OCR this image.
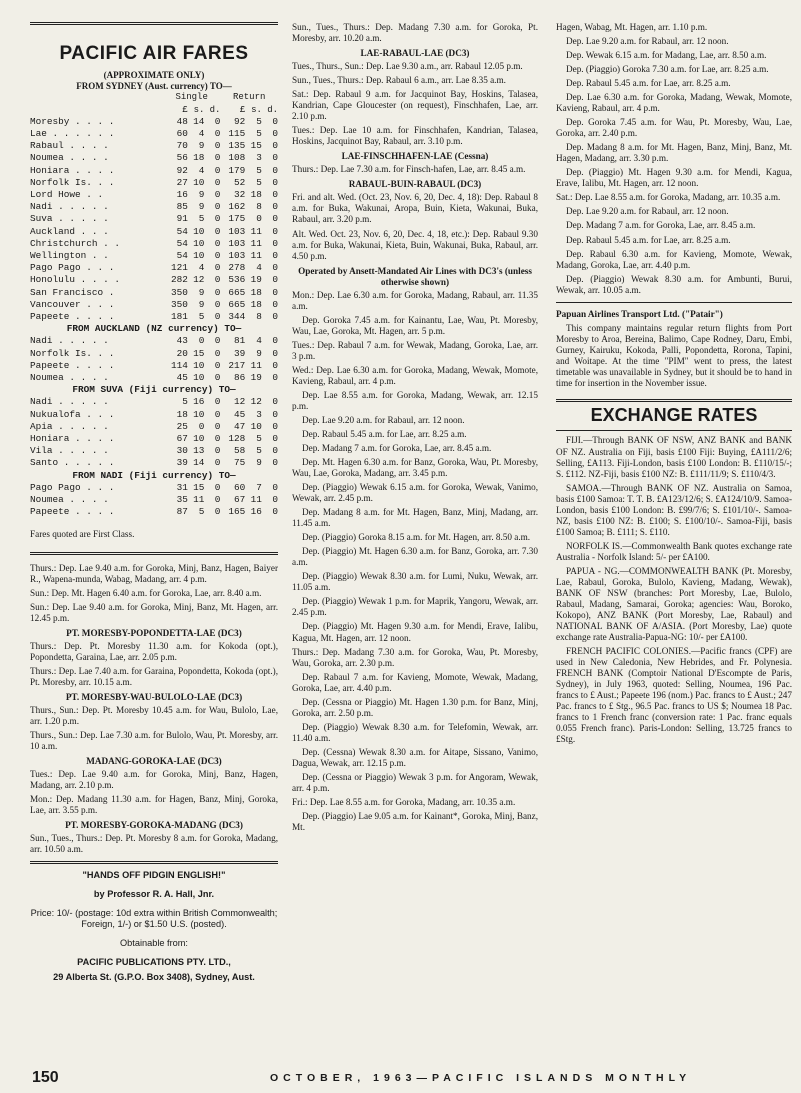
PACIFIC AIR FARES
(APPROXIMATE ONLY)
FROM SYDNEY (Aust. currency) TO—
	Single			Return		
	£	s.	d.	£	s.	d.
Moresby . . . .	48	14	0	92	5	0
Lae . . . . . .	60	4	0	115	5	0
Rabaul . . . .	70	9	0	135	15	0
Noumea . . . .	56	18	0	108	3	0
Honiara . . . .	92	4	0	179	5	0
Norfolk Is. . .	27	10	0	52	5	0
Lord Howe . .	16	9	0	32	18	0
Nadi . . . . .	85	9	0	162	8	0
Suva . . . . .	91	5	0	175	0	0
Auckland . . .	54	10	0	103	11	0
Christchurch . .	54	10	0	103	11	0
Wellington . .	54	10	0	103	11	0
Pago Pago . . .	121	4	0	278	4	0
Honolulu . . . .	282	12	0	536	19	0
San Francisco .	350	9	0	665	18	0
Vancouver . . .	350	9	0	665	18	0
Papeete . . . .	181	5	0	344	8	0
FROM AUCKLAND (NZ currency) TO—						
Nadi . . . . .	43	0	0	81	4	0
Norfolk Is. . .	20	15	0	39	9	0
Papeete . . . .	114	10	0	217	11	0
Noumea . . . .	45	10	0	86	19	0
FROM SUVA (Fiji currency) TO—						
Nadi . . . . .	5	16	0	12	12	0
Nukualofa . . .	18	10	0	45	3	0
Apia . . . . .	25	0	0	47	10	0
Honiara . . . .	67	10	0	128	5	0
Vila . . . . .	30	13	0	58	5	0
Santo . . . . .	39	14	0	75	9	0
FROM NADI (Fiji currency) TO—						
Pago Pago . . .	31	15	0	60	7	0
Noumea . . . .	35	11	0	67	11	0
Papeete . . . .	87	5	0	165	16	0

Fares quoted are First Class.

Thurs.: Dep. Lae 9.40 a.m. for Goroka, Minj, Banz, Hagen, Baiyer R., Wapena-munda, Wabag, Madang, arr. 4 p.m.

Sun.: Dep. Mt. Hagen 6.40 a.m. for Goroka, Lae, arr. 8.40 a.m.

Sun.: Dep. Lae 9.40 a.m. for Goroka, Minj, Banz, Mt. Hagen, arr. 12.45 p.m.

PT. MORESBY-POPONDETTA-LAE (DC3)

Thurs.: Dep. Pt. Moresby 11.30 a.m. for Kokoda (opt.), Popondetta, Garaina, Lae, arr. 2.05 p.m.

Thurs.: Dep. Lae 7.40 a.m. for Garaina, Popondetta, Kokoda (opt.), Pt. Moresby, arr. 10.15 a.m.

PT. MORESBY-WAU-BULOLO-LAE (DC3)

Thurs., Sun.: Dep. Pt. Moresby 10.45 a.m. for Wau, Bulolo, Lae, arr. 1.20 p.m.

Thurs., Sun.: Dep. Lae 7.30 a.m. for Bulolo, Wau, Pt. Moresby, arr. 10 a.m.

MADANG-GOROKA-LAE (DC3)

Tues.: Dep. Lae 9.40 a.m. for Goroka, Minj, Banz, Hagen, Madang, arr. 2.10 p.m.

Mon.: Dep. Madang 11.30 a.m. for Hagen, Banz, Minj, Goroka, Lae, arr. 3.55 p.m.

PT. MORESBY-GOROKA-MADANG (DC3)

Sun., Tues., Thurs.: Dep. Pt. Moresby 8 a.m. for Goroka, Madang, arr. 10.50 a.m.

"HANDS OFF PIDGIN ENGLISH!"
by Professor R. A. Hall, Jnr.
Price: 10/- (postage: 10d extra within British Commonwealth; Foreign, 1/-) or $1.50 U.S. (posted).
Obtainable from:
PACIFIC PUBLICATIONS PTY. LTD.,
29 Alberta St. (G.P.O. Box 3408), Sydney, Aust.

Sun., Tues., Thurs.: Dep. Madang 7.30 a.m. for Goroka, Pt. Moresby, arr. 10.20 a.m.

LAE-RABAUL-LAE (DC3)

Tues., Thurs., Sun.: Dep. Lae 9.30 a.m., arr. Rabaul 12.05 p.m.

Sun., Tues., Thurs.: Dep. Rabaul 6 a.m., arr. Lae 8.35 a.m.

Sat.: Dep. Rabaul 9 a.m. for Jacquinot Bay, Hoskins, Talasea, Kandrian, Cape Gloucester (on request), Finschhafen, Lae, arr. 2.10 p.m.

Tues.: Dep. Lae 10 a.m. for Finschhafen, Kandrian, Talasea, Hoskins, Jacquinot Bay, Rabaul, arr. 3.10 p.m.

LAE-FINSCHHAFEN-LAE (Cessna)

Thurs.: Dep. Lae 7.30 a.m. for Finsch-hafen, Lae, arr. 8.45 a.m.

RABAUL-BUIN-RABAUL (DC3)

Fri. and alt. Wed. (Oct. 23, Nov. 6, 20, Dec. 4, 18): Dep. Rabaul 8 a.m. for Buka, Wakunai, Aropa, Buin, Kieta, Wakunai, Buka, Rabaul, arr. 3.20 p.m.

Alt. Wed. Oct. 23, Nov. 6, 20, Dec. 4, 18, etc.): Dep. Rabaul 9.30 a.m. for Buka, Wakunai, Kieta, Buin, Wakunai, Buka, Rabaul, arr. 4.50 p.m.

Operated by Ansett-Mandated Air Lines with DC3's (unless otherwise shown)

Mon.: Dep. Lae 6.30 a.m. for Goroka, Madang, Rabaul, arr. 11.35 a.m.

Dep. Goroka 7.45 a.m. for Kainantu, Lae, Wau, Pt. Moresby, Wau, Lae, Goroka, Mt. Hagen, arr. 5 p.m.

Tues.: Dep. Rabaul 7 a.m. for Wewak, Madang, Goroka, Lae, arr. 3 p.m.

Wed.: Dep. Lae 6.30 a.m. for Goroka, Madang, Wewak, Momote, Kavieng, Rabaul, arr. 4 p.m.

Dep. Lae 8.55 a.m. for Goroka, Madang, Wewak, arr. 12.15 p.m.

Dep. Lae 9.20 a.m. for Rabaul, arr. 12 noon.

Dep. Rabaul 5.45 a.m. for Lae, arr. 8.25 a.m.

Dep. Madang 7 a.m. for Goroka, Lae, arr. 8.45 a.m.

Dep. Mt. Hagen 6.30 a.m. for Banz, Goroka, Wau, Pt. Moresby, Wau, Lae, Goroka, Madang, arr. 3.45 p.m.

Dep. (Piaggio) Wewak 6.15 a.m. for Goroka, Wewak, Vanimo, Wewak, arr. 2.45 p.m.

Dep. Madang 8 a.m. for Mt. Hagen, Banz, Minj, Madang, arr. 11.45 a.m.

Dep. (Piaggio) Goroka 8.15 a.m. for Mt. Hagen, arr. 8.50 a.m.

Dep. (Piaggio) Mt. Hagen 6.30 a.m. for Banz, Goroka, arr. 7.30 a.m.

Dep. (Piaggio) Wewak 8.30 a.m. for Lumi, Nuku, Wewak, arr. 11.05 a.m.

Dep. (Piaggio) Wewak 1 p.m. for Maprik, Yangoru, Wewak, arr. 2.45 p.m.

Dep. (Piaggio) Mt. Hagen 9.30 a.m. for Mendi, Erave, Ialibu, Kagua, Mt. Hagen, arr. 12 noon.

Thurs.: Dep. Madang 7.30 a.m. for Goroka, Wau, Pt. Moresby, Wau, Goroka, arr. 2.30 p.m.

Dep. Rabaul 7 a.m. for Kavieng, Momote, Wewak, Madang, Goroka, Lae, arr. 4.40 p.m.

Dep. (Cessna or Piaggio) Mt. Hagen 1.30 p.m. for Banz, Minj, Goroka, arr. 2.50 p.m.

Dep. (Piaggio) Wewak 8.30 a.m. for Telefomin, Wewak, arr. 11.40 a.m.

Dep. (Cessna) Wewak 8.30 a.m. for Aitape, Sissano, Vanimo, Dagua, Wewak, arr. 12.15 p.m.

Dep. (Cessna or Piaggio) Wewak 3 p.m. for Angoram, Wewak, arr. 4 p.m.

Fri.: Dep. Lae 8.55 a.m. for Goroka, Madang, arr. 10.35 a.m.

Dep. (Piaggio) Lae 9.05 a.m. for Kainant*, Goroka, Minj, Banz, Mt.

Hagen, Wabag, Mt. Hagen, arr. 1.10 p.m.

Dep. Lae 9.20 a.m. for Rabaul, arr. 12 noon.

Dep. Wewak 6.15 a.m. for Madang, Lae, arr. 8.50 a.m.

Dep. (Piaggio) Goroka 7.30 a.m. for Lae, arr. 8.25 a.m.

Dep. Rabaul 5.45 a.m. for Lae, arr. 8.25 a.m.

Dep. Lae 6.30 a.m. for Goroka, Madang, Wewak, Momote, Kavieng, Rabaul, arr. 4 p.m.

Dep. Goroka 7.45 a.m. for Wau, Pt. Moresby, Wau, Lae, Goroka, arr. 2.40 p.m.

Dep. Madang 8 a.m. for Mt. Hagen, Banz, Minj, Banz, Mt. Hagen, Madang, arr. 3.30 p.m.

Dep. (Piaggio) Mt. Hagen 9.30 a.m. for Mendi, Kagua, Erave, Ialibu, Mt. Hagen, arr. 12 noon.

Sat.: Dep. Lae 8.55 a.m. for Goroka, Madang, arr. 10.35 a.m.

Dep. Lae 9.20 a.m. for Rabaul, arr. 12 noon.

Dep. Madang 7 a.m. for Goroka, Lae, arr. 8.45 a.m.

Dep. Rabaul 5.45 a.m. for Lae, arr. 8.25 a.m.

Dep. Rabaul 6.30 a.m. for Kavieng, Momote, Wewak, Madang, Goroka, Lae, arr. 4.40 p.m.

Dep. (Piaggio) Wewak 8.30 a.m. for Ambunti, Burui, Wewak, arr. 10.05 a.m.

Papuan Airlines Transport Ltd. ("Patair")

This company maintains regular return flights from Port Moresby to Aroa, Bereina, Balimo, Cape Rodney, Daru, Embi, Gurney, Kairuku, Kokoda, Palli, Popondetta, Rorona, Tapini, and Woitape. At the time "PIM" went to press, the latest timetable was unavailable in Sydney, but it should be to hand in time for insertion in the November issue.

EXCHANGE RATES

FIJI.—Through BANK OF NSW, ANZ BANK and BANK OF NZ. Australia on Fiji, basis £100 Fiji: Buying, £A111/2/6; Selling, £A113. Fiji-London, basis £100 London: B. £110/15/-; S. £112. NZ-Fiji, basis £100 NZ: B. £111/11/9; S. £110/4/3.

SAMOA.—Through BANK OF NZ. Australia on Samoa, basis £100 Samoa: T. T. B. £A123/12/6; S. £A124/10/9. Samoa-London, basis £100 London: B. £99/7/6; S. £101/10/-. Samoa-NZ, basis £100 NZ: B. £100; S. £100/10/-. Samoa-Fiji, basis £100 Samoa; B. £111; S. £110.

NORFOLK IS.—Commonwealth Bank quotes exchange rate Australia - Norfolk Island: 5/- per £A100.

PAPUA - NG.—COMMONWEALTH BANK (Pt. Moresby, Lae, Rabaul, Goroka, Bulolo, Kavieng, Madang, Wewak), BANK OF NSW (branches: Port Moresby, Lae, Bulolo, Rabaul, Madang, Samarai, Goroka; agencies: Wau, Boroko, Kokopo), ANZ BANK (Port Moresby, Lae, Rabaul) and NATIONAL BANK OF A/ASIA. (Port Moresby, Lae) quote exchange rate Australia-Papua-NG: 10/- per £A100.

FRENCH PACIFIC COLONIES.—Pacific francs (CPF) are used in New Caledonia, New Hebrides, and Fr. Polynesia. FRENCH BANK (Comptoir National D'Escompte de Paris, Sydney), in July 1963, quoted: Selling, Noumea, 196 Pac. francs to £ Aust.; Papeete 196 (nom.) Pac. francs to £ Aust.; 247 Pac. francs to £ Stg., 96.5 Pac. francs to US $; Noumea 18 Pac. francs to 1 French franc (conversion rate: 1 Pac. franc equals 0.055 French franc). Paris-London: Selling, 13.725 francs to £Stg.

150	OCTOBER, 1963—PACIFIC ISLANDS MONTHLY
